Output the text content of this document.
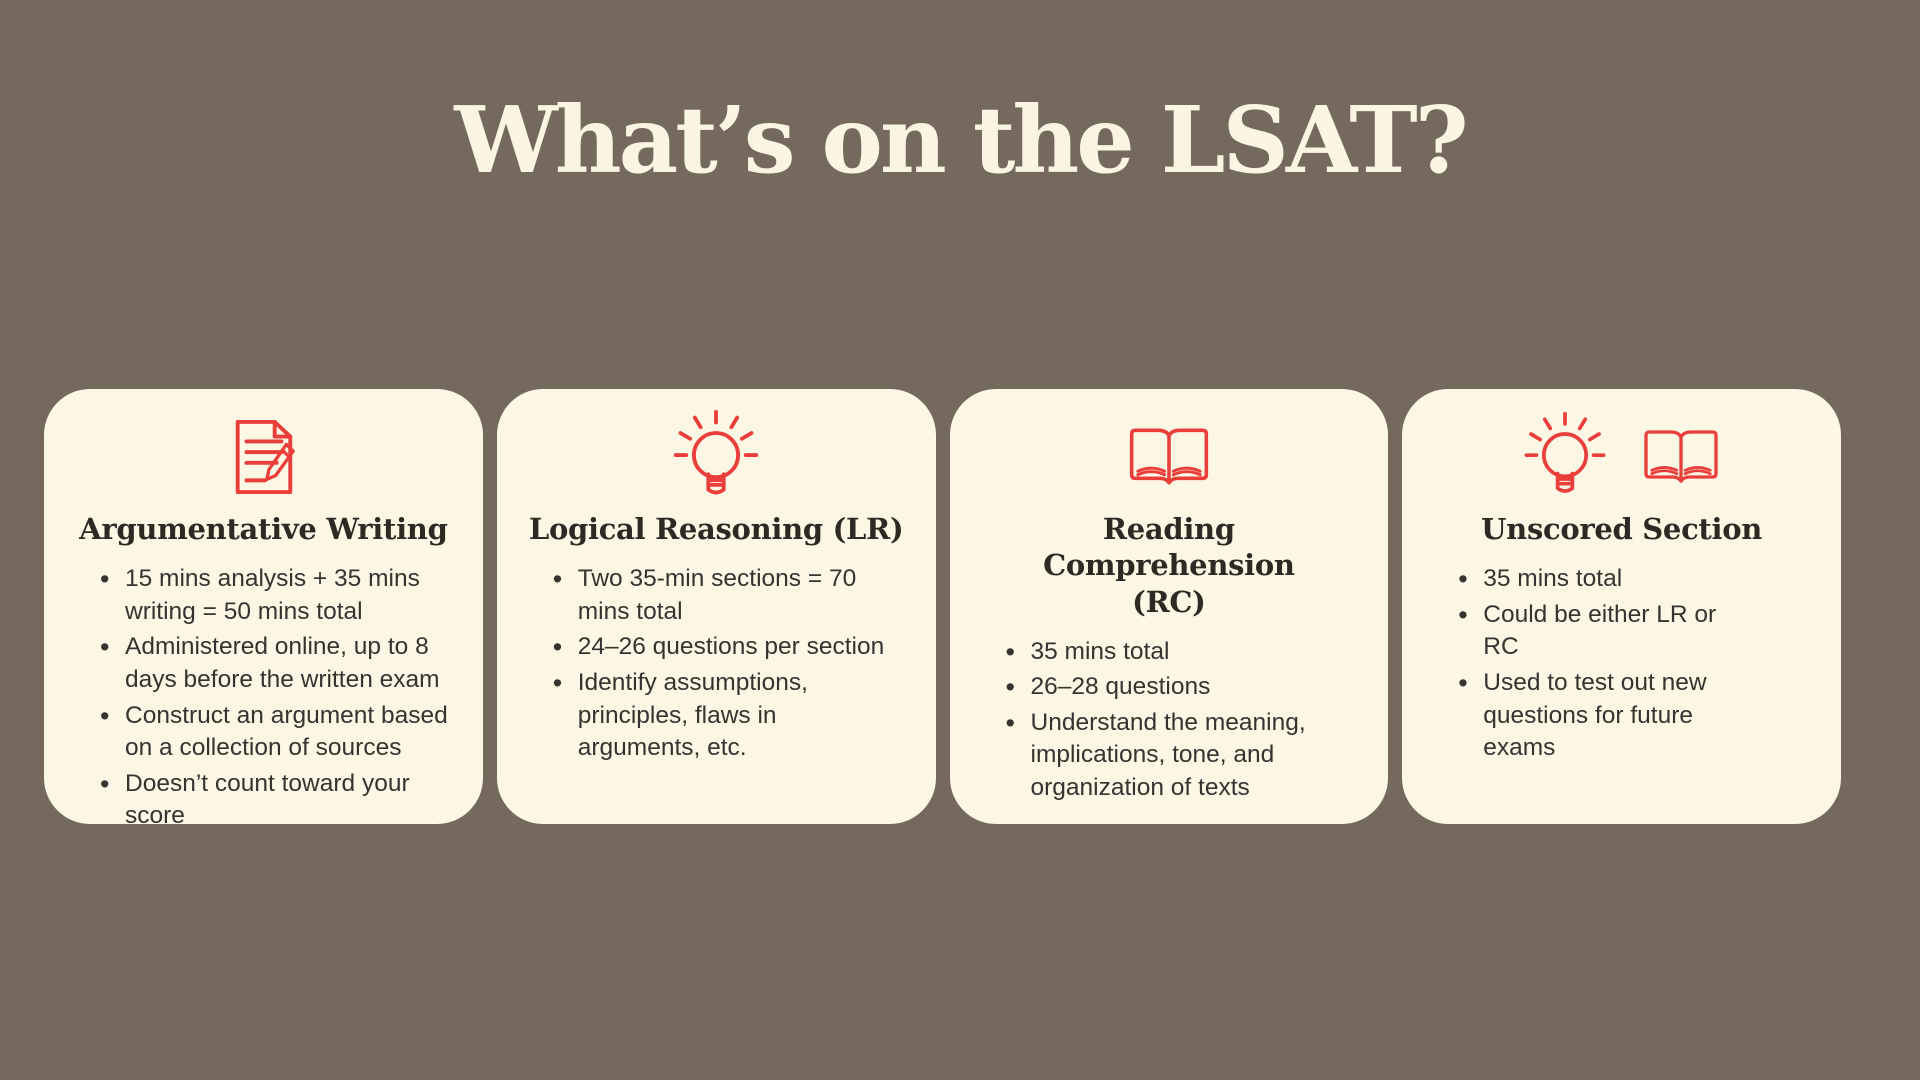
What’s on the LSAT?
Argumentative Writing
• 15 mins analysis + 35 mins writing = 50 mins total
• Administered online, up to 8 days before the written exam
• Construct an argument based on a collection of sources
• Doesn’t count toward your score
Logical Reasoning (LR)
• Two 35-min sections = 70 mins total
• 24–26 questions per section
• Identify assumptions, principles, flaws in arguments, etc.
Reading Comprehension (RC)
• 35 mins total
• 26–28 questions
• Understand the meaning, implications, tone, and organization of texts
Unscored Section
• 35 mins total
• Could be either LR or RC
• Used to test out new questions for future exams
